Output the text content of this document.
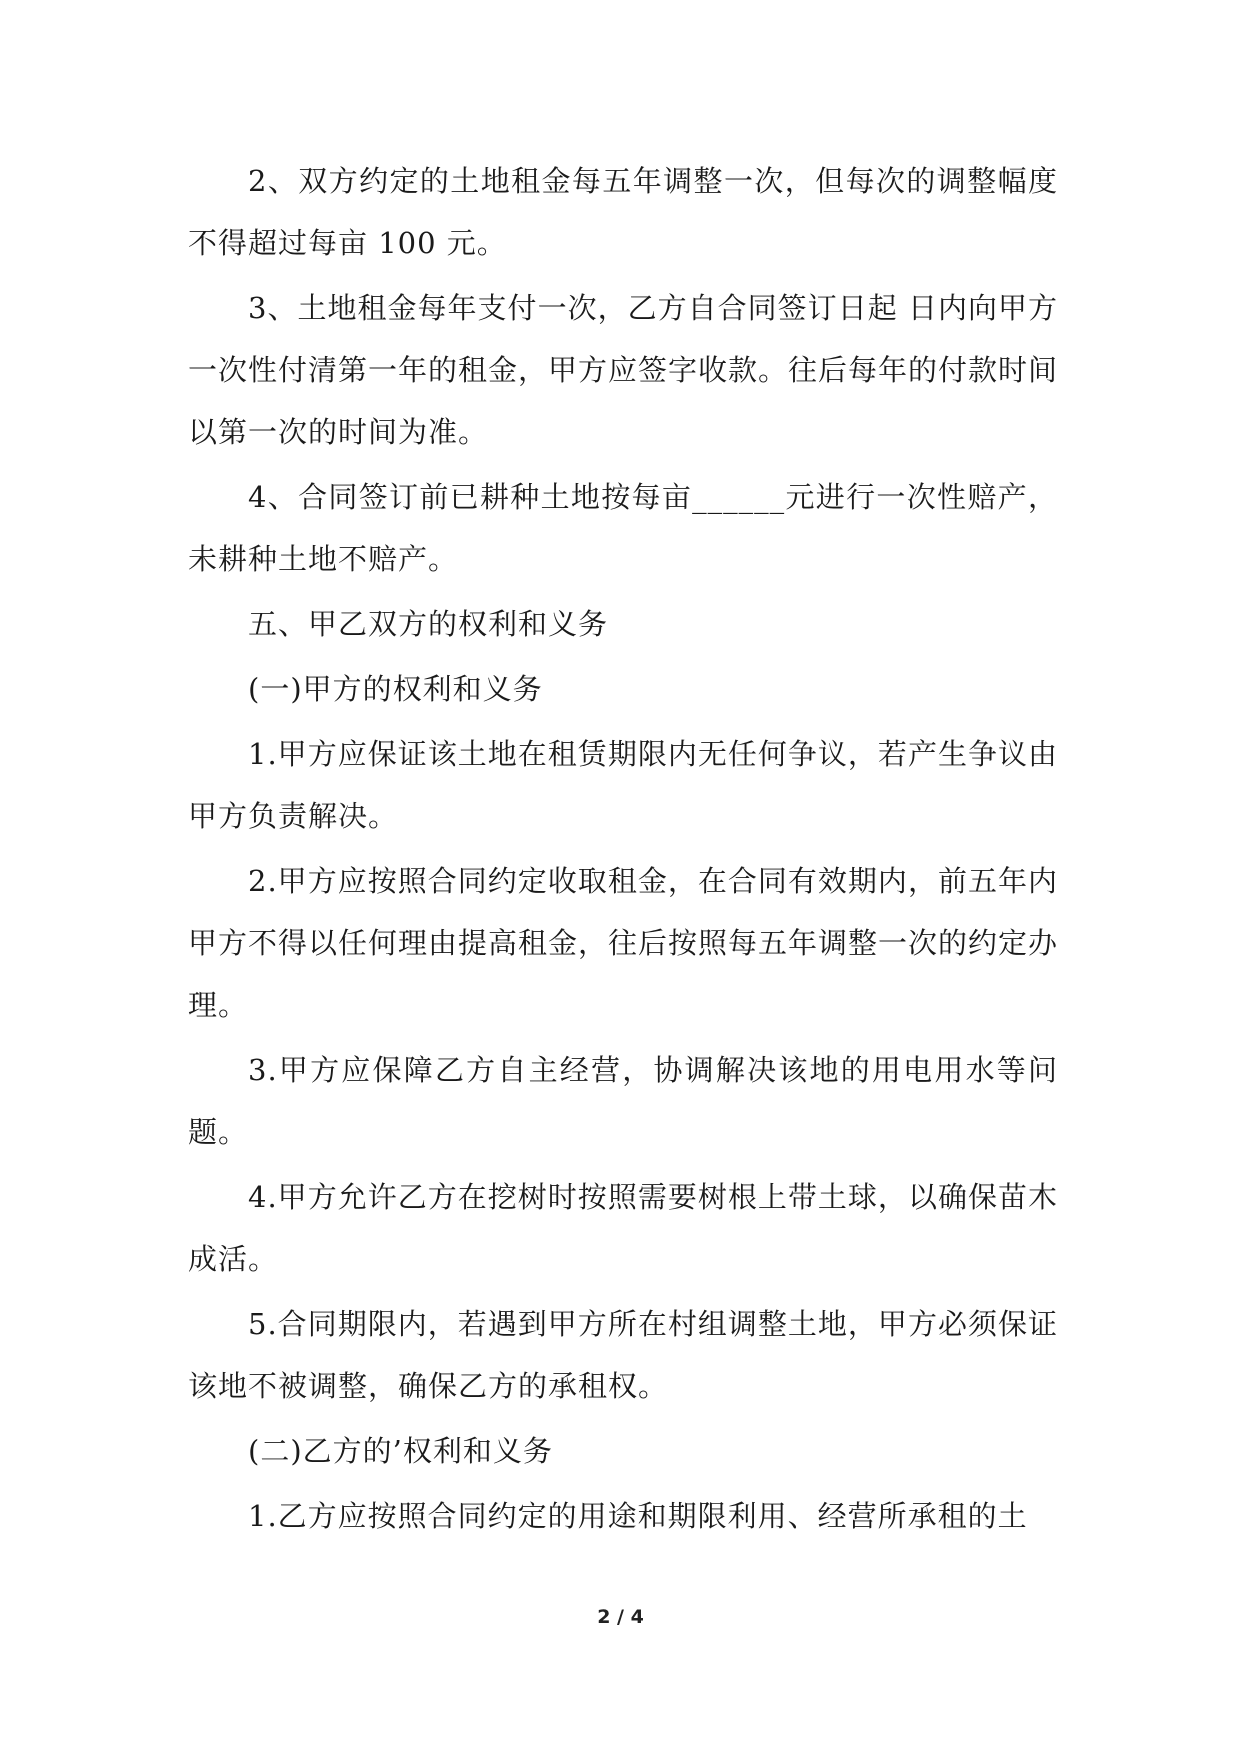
2、双方约定的土地租金每五年调整一次，但每次的调整幅度不得超过每亩 100 元。

3、土地租金每年支付一次，乙方自合同签订日起 日内向甲方一次性付清第一年的租金，甲方应签字收款。往后每年的付款时间以第一次的时间为准。

4、合同签订前已耕种土地按每亩______元进行一次性赔产，未耕种土地不赔产。

五、甲乙双方的权利和义务

(一)甲方的权利和义务

1.甲方应保证该土地在租赁期限内无任何争议，若产生争议由甲方负责解决。

2.甲方应按照合同约定收取租金，在合同有效期内，前五年内甲方不得以任何理由提高租金，往后按照每五年调整一次的约定办理。

3.甲方应保障乙方自主经营，协调解决该地的用电用水等问题。

4.甲方允许乙方在挖树时按照需要树根上带土球，以确保苗木成活。

5.合同期限内，若遇到甲方所在村组调整土地，甲方必须保证该地不被调整，确保乙方的承租权。

(二)乙方的’权利和义务

1.乙方应按照合同约定的用途和期限利用、经营所承租的土

2 / 4
